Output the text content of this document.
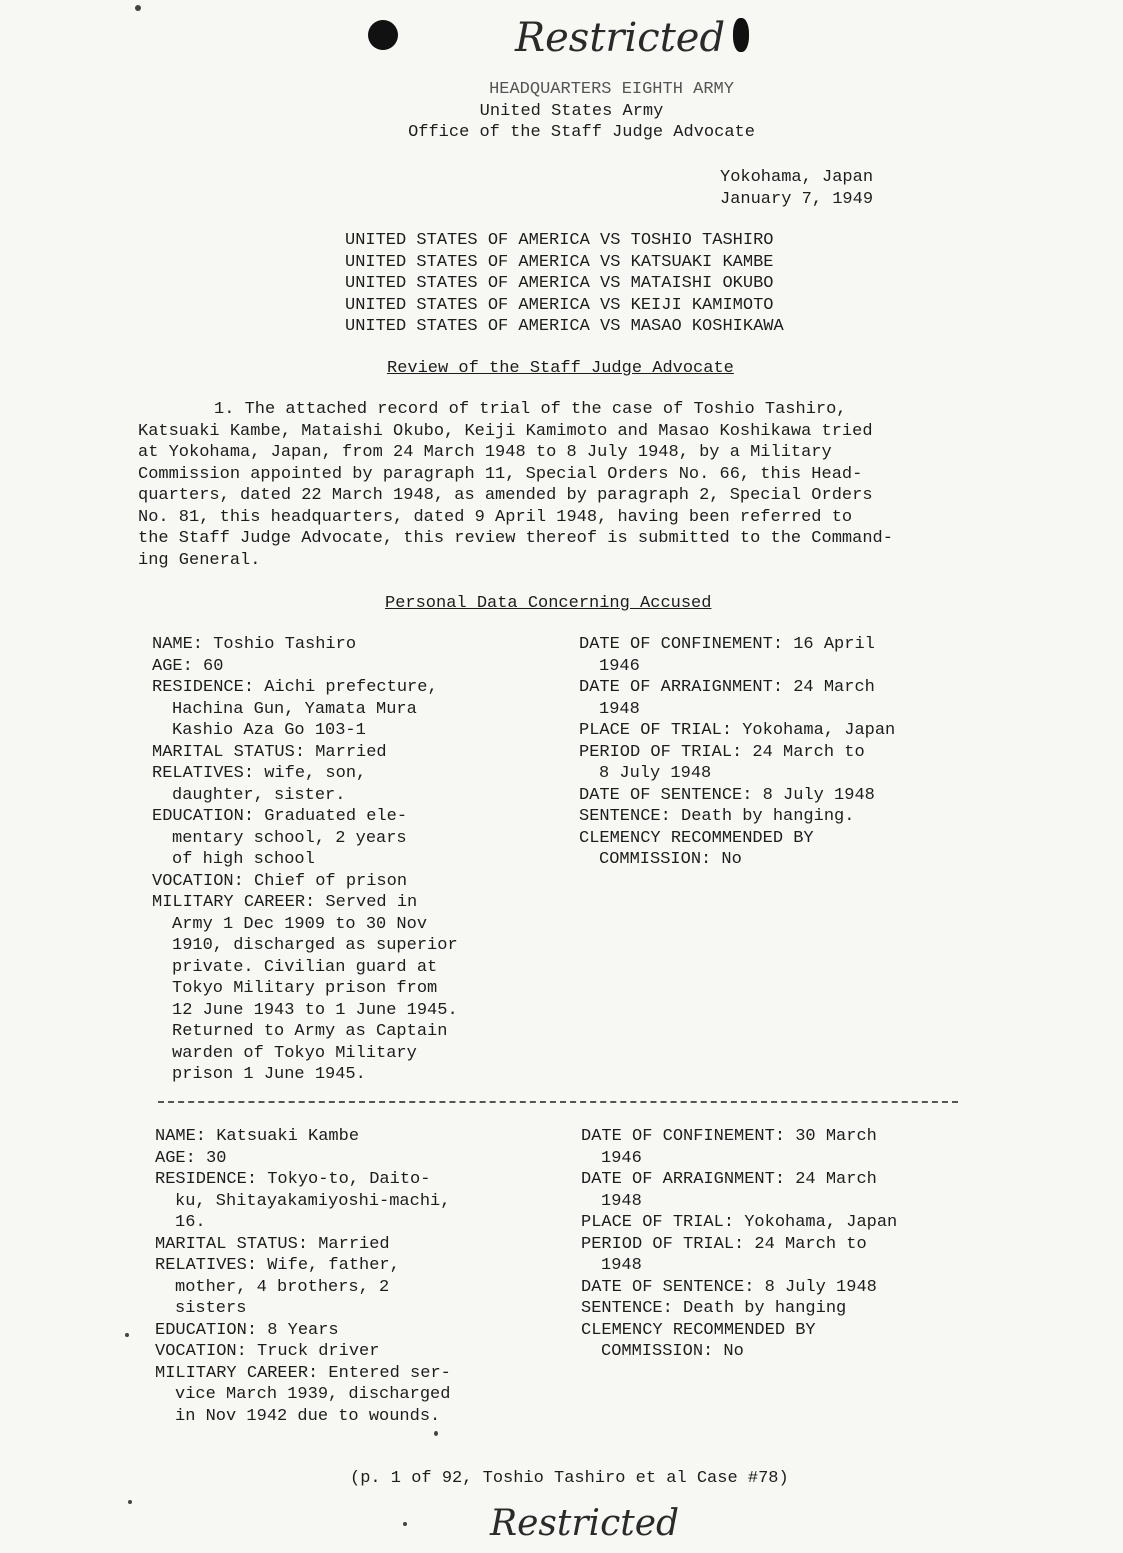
Restricted
HEADQUARTERS EIGHTH ARMY
United States Army
Office of the Staff Judge Advocate
Yokohama, Japan
January 7, 1949
UNITED STATES OF AMERICA VS TOSHIO TASHIRO
UNITED STATES OF AMERICA VS KATSUAKI KAMBE
UNITED STATES OF AMERICA VS MATAISHI OKUBO
UNITED STATES OF AMERICA VS KEIJI KAMIMOTO
UNITED STATES OF AMERICA VS MASAO KOSHIKAWA
Review of the Staff Judge Advocate
1. The attached record of trial of the case of Toshio Tashiro,
Katsuaki Kambe, Mataishi Okubo, Keiji Kamimoto and Masao Koshikawa tried
at Yokohama, Japan, from 24 March 1948 to 8 July 1948, by a Military
Commission appointed by paragraph 11, Special Orders No. 66, this Head-
quarters, dated 22 March 1948, as amended by paragraph 2, Special Orders
No. 81, this headquarters, dated 9 April 1948, having been referred to
the Staff Judge Advocate, this review thereof is submitted to the Command-
ing General.
Personal Data Concerning Accused
NAME: Toshio Tashiro
AGE: 60
RESIDENCE: Aichi prefecture,
Hachina Gun, Yamata Mura
Kashio Aza Go 103-1
MARITAL STATUS: Married
RELATIVES: wife, son,
daughter, sister.
EDUCATION: Graduated ele-
mentary school, 2 years
of high school
VOCATION: Chief of prison
MILITARY CAREER: Served in
Army 1 Dec 1909 to 30 Nov
1910, discharged as superior
private. Civilian guard at
Tokyo Military prison from
12 June 1943 to 1 June 1945.
Returned to Army as Captain
warden of Tokyo Military
prison 1 June 1945.
DATE OF CONFINEMENT: 16 April
1946
DATE OF ARRAIGNMENT: 24 March
1948
PLACE OF TRIAL: Yokohama, Japan
PERIOD OF TRIAL: 24 March to
8 July 1948
DATE OF SENTENCE: 8 July 1948
SENTENCE: Death by hanging.
CLEMENCY RECOMMENDED BY
COMMISSION: No
NAME: Katsuaki Kambe
AGE: 30
RESIDENCE: Tokyo-to, Daito-
ku, Shitayakamiyoshi-machi,
16.
MARITAL STATUS: Married
RELATIVES: Wife, father,
mother, 4 brothers, 2
sisters
EDUCATION: 8 Years
VOCATION: Truck driver
MILITARY CAREER: Entered ser-
vice March 1939, discharged
in Nov 1942 due to wounds.
DATE OF CONFINEMENT: 30 March
1946
DATE OF ARRAIGNMENT: 24 March
1948
PLACE OF TRIAL: Yokohama, Japan
PERIOD OF TRIAL: 24 March to
1948
DATE OF SENTENCE: 8 July 1948
SENTENCE: Death by hanging
CLEMENCY RECOMMENDED BY
COMMISSION: No
(p. 1 of 92, Toshio Tashiro et al Case #78)
Restricted
